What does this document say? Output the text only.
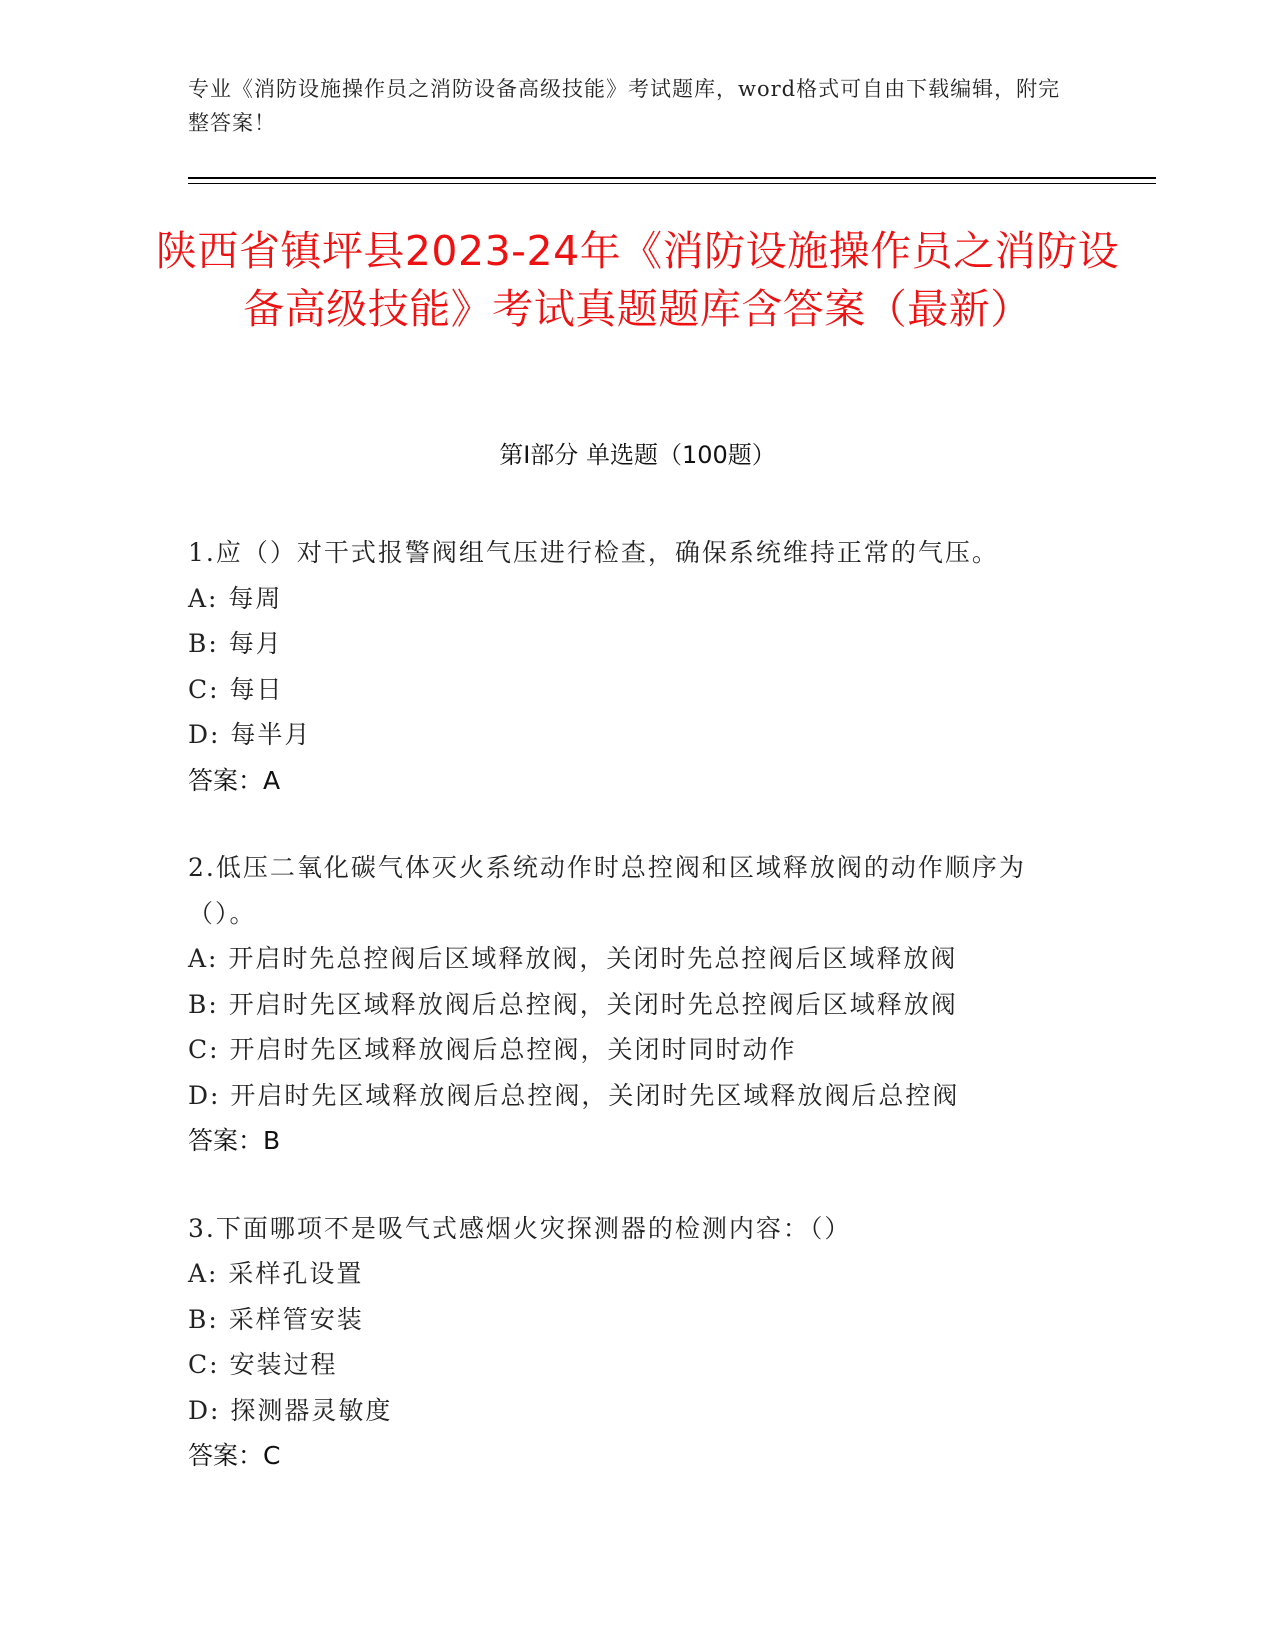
专业《消防设施操作员之消防设备高级技能》考试题库，word格式可自由下载编辑，附完整答案！
陕西省镇坪县2023-24年《消防设施操作员之消防设备高级技能》考试真题题库含答案（最新）
第I部分 单选题（100题）
1.应（）对干式报警阀组气压进行检查，确保系统维持正常的气压。
A: 每周
B: 每月
C: 每日
D: 每半月
答案：A
2.低压二氧化碳气体灭火系统动作时总控阀和区域释放阀的动作顺序为（）。
A: 开启时先总控阀后区域释放阀，关闭时先总控阀后区域释放阀
B: 开启时先区域释放阀后总控阀，关闭时先总控阀后区域释放阀
C: 开启时先区域释放阀后总控阀，关闭时同时动作
D: 开启时先区域释放阀后总控阀，关闭时先区域释放阀后总控阀
答案：B
3.下面哪项不是吸气式感烟火灾探测器的检测内容：（）
A: 采样孔设置
B: 采样管安装
C: 安装过程
D: 探测器灵敏度
答案：C
